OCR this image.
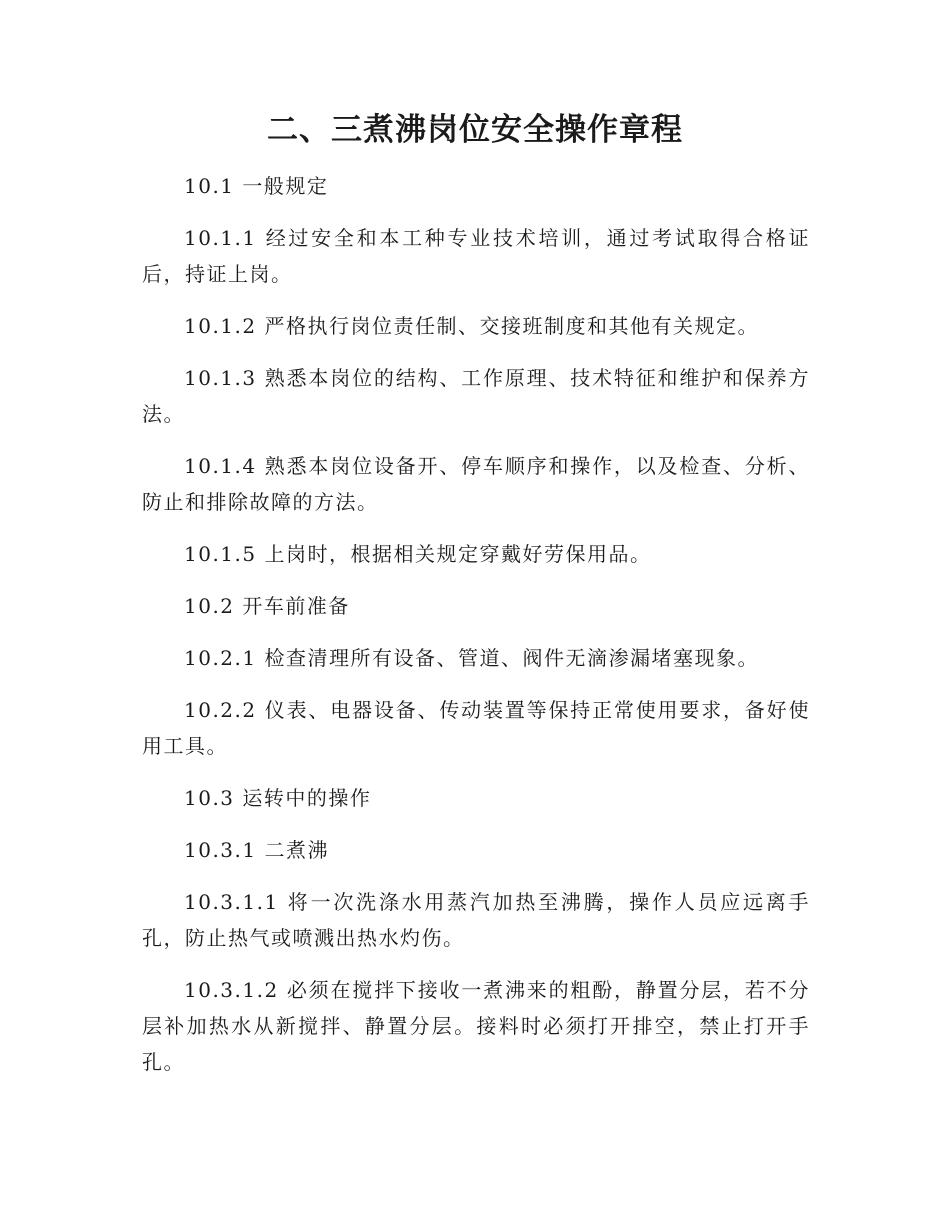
二、三煮沸岗位安全操作章程

10.1 一般规定

10.1.1 经过安全和本工种专业技术培训，通过考试取得合格证后，持证上岗。

10.1.2 严格执行岗位责任制、交接班制度和其他有关规定。

10.1.3 熟悉本岗位的结构、工作原理、技术特征和维护和保养方法。

10.1.4 熟悉本岗位设备开、停车顺序和操作，以及检查、分析、防止和排除故障的方法。

10.1.5 上岗时，根据相关规定穿戴好劳保用品。

10.2 开车前准备

10.2.1 检查清理所有设备、管道、阀件无滴渗漏堵塞现象。

10.2.2 仪表、电器设备、传动装置等保持正常使用要求，备好使用工具。

10.3 运转中的操作

10.3.1 二煮沸

10.3.1.1 将一次洗涤水用蒸汽加热至沸腾，操作人员应远离手孔，防止热气或喷溅出热水灼伤。

10.3.1.2 必须在搅拌下接收一煮沸来的粗酚，静置分层，若不分层补加热水从新搅拌、静置分层。接料时必须打开排空，禁止打开手孔。
